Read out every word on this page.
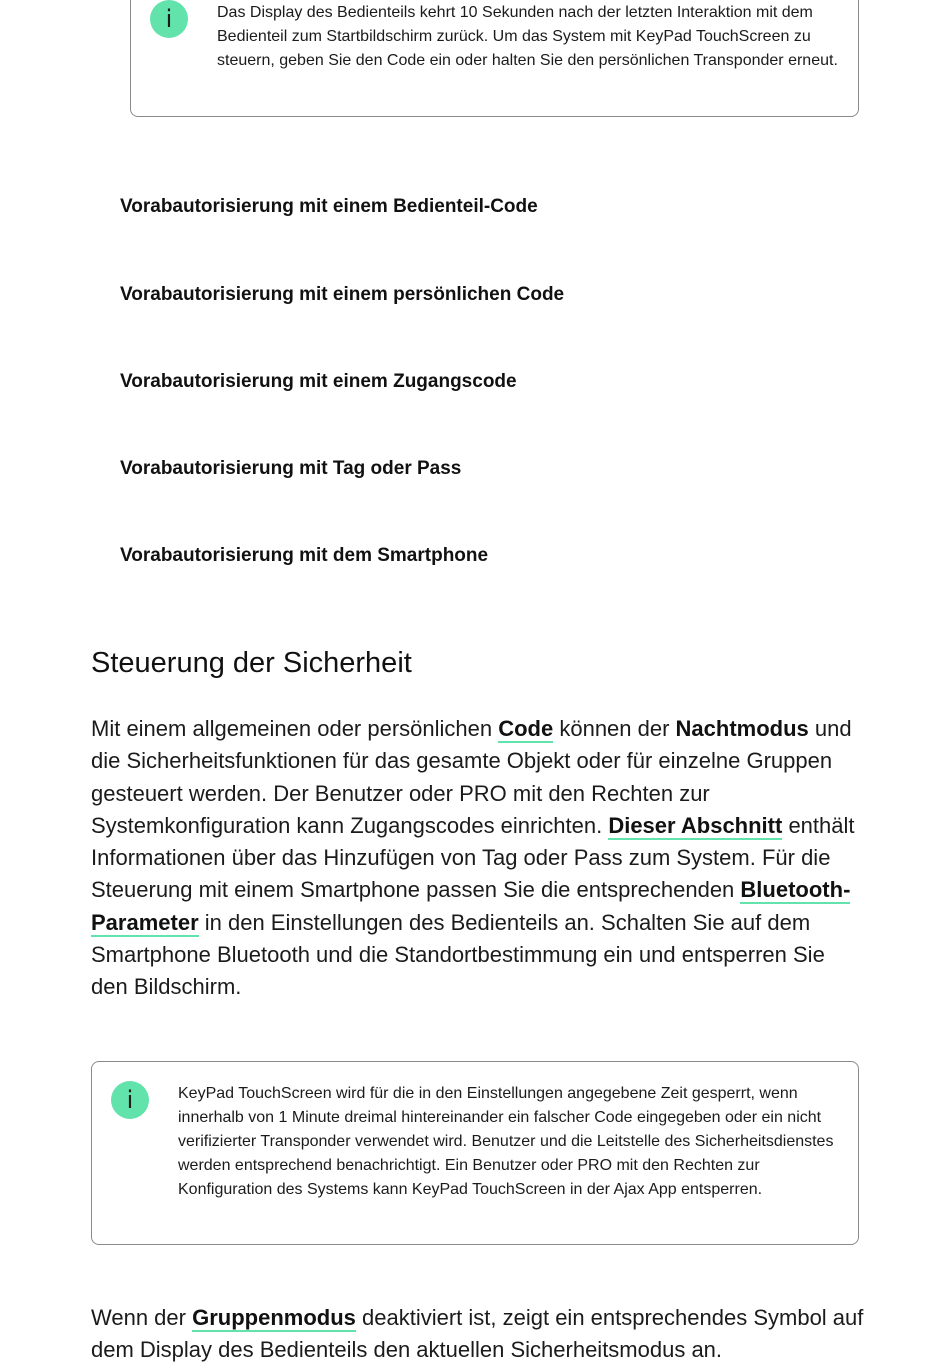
i	Das Display des Bedienteils kehrt 10 Sekunden nach der letzten Interaktion mit dem Bedienteil zum Startbildschirm zurück. Um das System mit KeyPad TouchScreen zu steuern, geben Sie den Code ein oder halten Sie den persönlichen Transponder erneut.
Vorabautorisierung mit einem Bedienteil-Code
Vorabautorisierung mit einem persönlichen Code
Vorabautorisierung mit einem Zugangscode
Vorabautorisierung mit Tag oder Pass
Vorabautorisierung mit dem Smartphone
Steuerung der Sicherheit

Mit einem allgemeinen oder persönlichen Code können der Nachtmodus und die Sicherheitsfunktionen für das gesamte Objekt oder für einzelne Gruppen gesteuert werden. Der Benutzer oder PRO mit den Rechten zur Systemkonfiguration kann Zugangscodes einrichten. Dieser Abschnitt enthält Informationen über das Hinzufügen von Tag oder Pass zum System. Für die Steuerung mit einem Smartphone passen Sie die entsprechenden Bluetooth-
Parameter in den Einstellungen des Bedienteils an. Schalten Sie auf dem Smartphone Bluetooth und die Standortbestimmung ein und entsperren Sie den Bildschirm.

i	KeyPad TouchScreen wird für die in den Einstellungen angegebene Zeit gesperrt, wenn innerhalb von 1 Minute dreimal hintereinander ein falscher Code eingegeben oder ein nicht verifizierter Transponder verwendet wird. Benutzer und die Leitstelle des Sicherheitsdienstes werden entsprechend benachrichtigt. Ein Benutzer oder PRO mit den Rechten zur Konfiguration des Systems kann KeyPad TouchScreen in der Ajax App entsperren.

Wenn der Gruppenmodus deaktiviert ist, zeigt ein entsprechendes Symbol auf dem Display des Bedienteils den aktuellen Sicherheitsmodus an.
